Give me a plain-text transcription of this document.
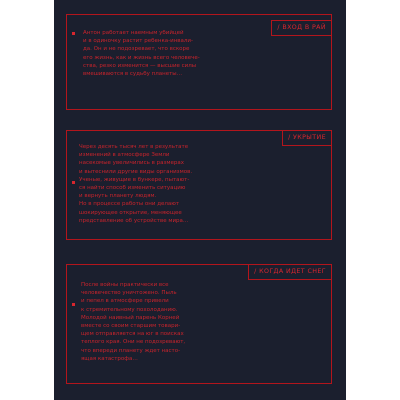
/ ВХОД В РАЙ
Антон работает наемным убийцей
и в одиночку растит ребенка-инвали-
да. Он и не подозревает, что вскоре
его жизнь, как и жизнь всего человече-
ства, резко изменится — высшие силы
вмешиваются в судьбу планеты…
/ УКРЫТИЕ
Через десять тысяч лет в результате
изменений в атмосфере Земли
насекомые увеличились в размерах
и вытеснили другие виды организмов.
Ученые, живущие в бункере, пытают-
ся найти способ изменить ситуацию
и вернуть планету людям.
Но в процессе работы они делают
шокирующее открытие, меняющее
представление об устройстве мира…
/ КОГДА ИДЕТ СНЕГ
После войны практически все
человечество уничтожено. Пыль
и пепел в атмосфере привели
к стремительному похолоданию.
Молодой наивный парень Корней
вместе со своим старшим товари-
щем отправляется на юг в поисках
теплого края. Они не подозревают,
что впереди планету ждет насто-
ящая катастрофа…
